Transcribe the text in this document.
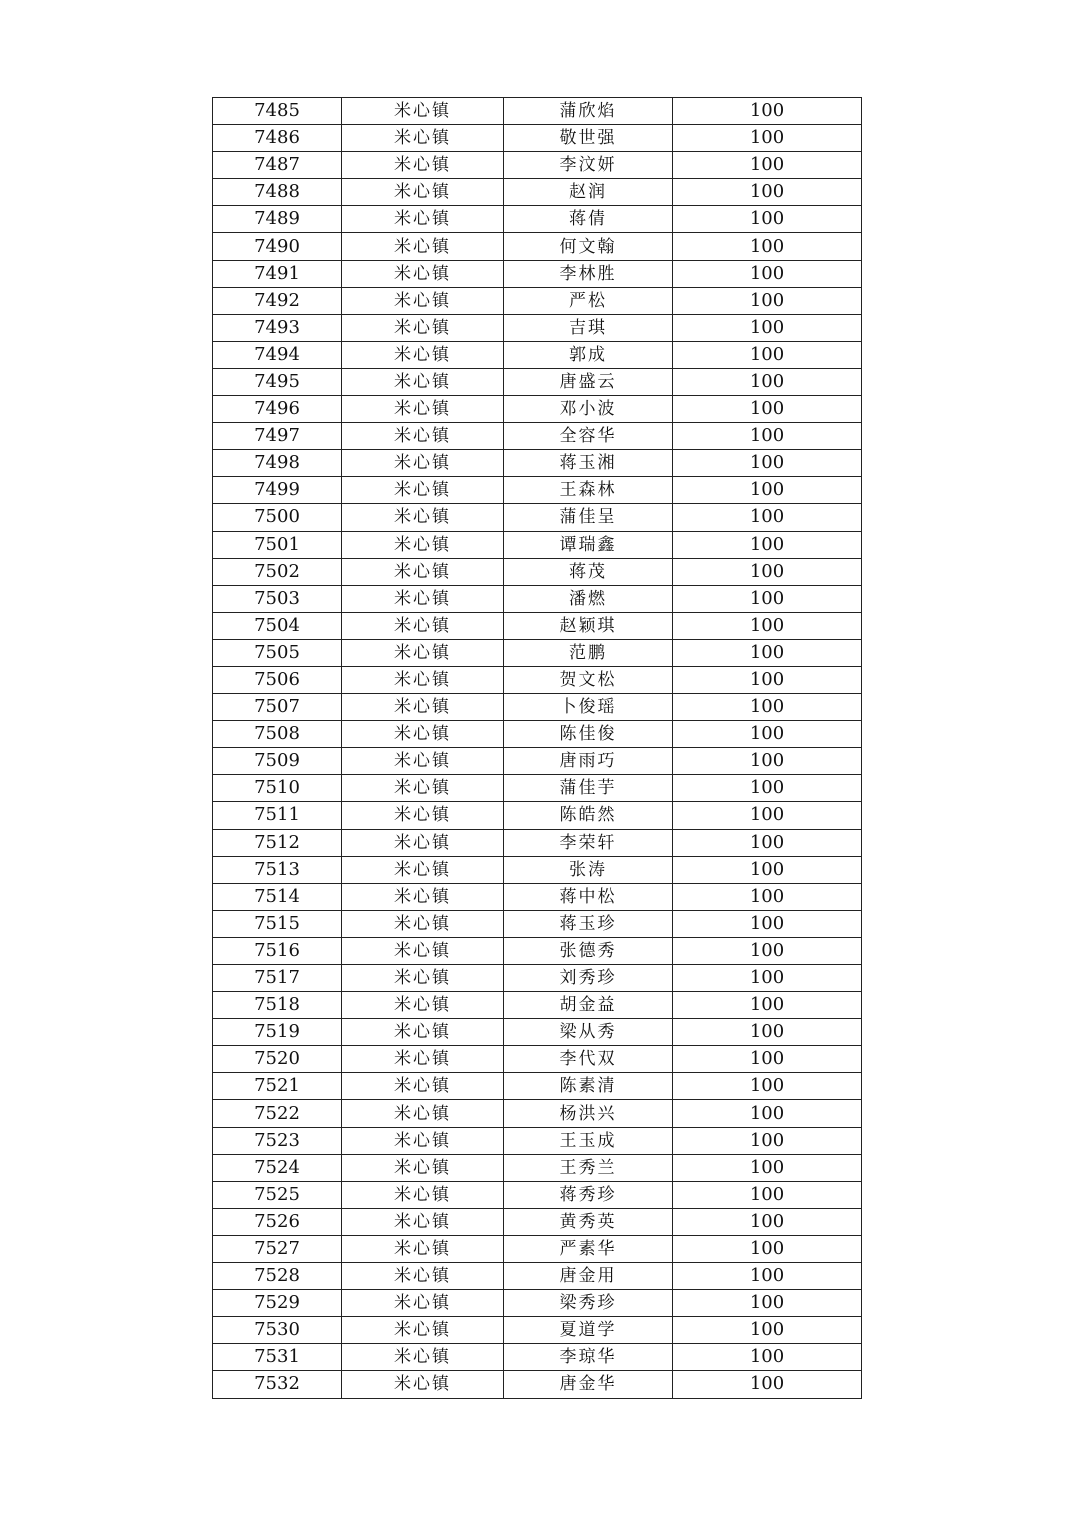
7485	米心镇	蒲欣焰	100
7486	米心镇	敬世强	100
7487	米心镇	李汶妍	100
7488	米心镇	赵润	100
7489	米心镇	蒋倩	100
7490	米心镇	何文翰	100
7491	米心镇	李林胜	100
7492	米心镇	严松	100
7493	米心镇	吉琪	100
7494	米心镇	郭成	100
7495	米心镇	唐盛云	100
7496	米心镇	邓小波	100
7497	米心镇	全容华	100
7498	米心镇	蒋玉湘	100
7499	米心镇	王森林	100
7500	米心镇	蒲佳呈	100
7501	米心镇	谭瑞鑫	100
7502	米心镇	蒋茂	100
7503	米心镇	潘燃	100
7504	米心镇	赵颖琪	100
7505	米心镇	范鹏	100
7506	米心镇	贺文松	100
7507	米心镇	卜俊瑶	100
7508	米心镇	陈佳俊	100
7509	米心镇	唐雨巧	100
7510	米心镇	蒲佳芋	100
7511	米心镇	陈皓然	100
7512	米心镇	李荣轩	100
7513	米心镇	张涛	100
7514	米心镇	蒋中松	100
7515	米心镇	蒋玉珍	100
7516	米心镇	张德秀	100
7517	米心镇	刘秀珍	100
7518	米心镇	胡金益	100
7519	米心镇	梁从秀	100
7520	米心镇	李代双	100
7521	米心镇	陈素清	100
7522	米心镇	杨洪兴	100
7523	米心镇	王玉成	100
7524	米心镇	王秀兰	100
7525	米心镇	蒋秀珍	100
7526	米心镇	黄秀英	100
7527	米心镇	严素华	100
7528	米心镇	唐金用	100
7529	米心镇	梁秀珍	100
7530	米心镇	夏道学	100
7531	米心镇	李琼华	100
7532	米心镇	唐金华	100
